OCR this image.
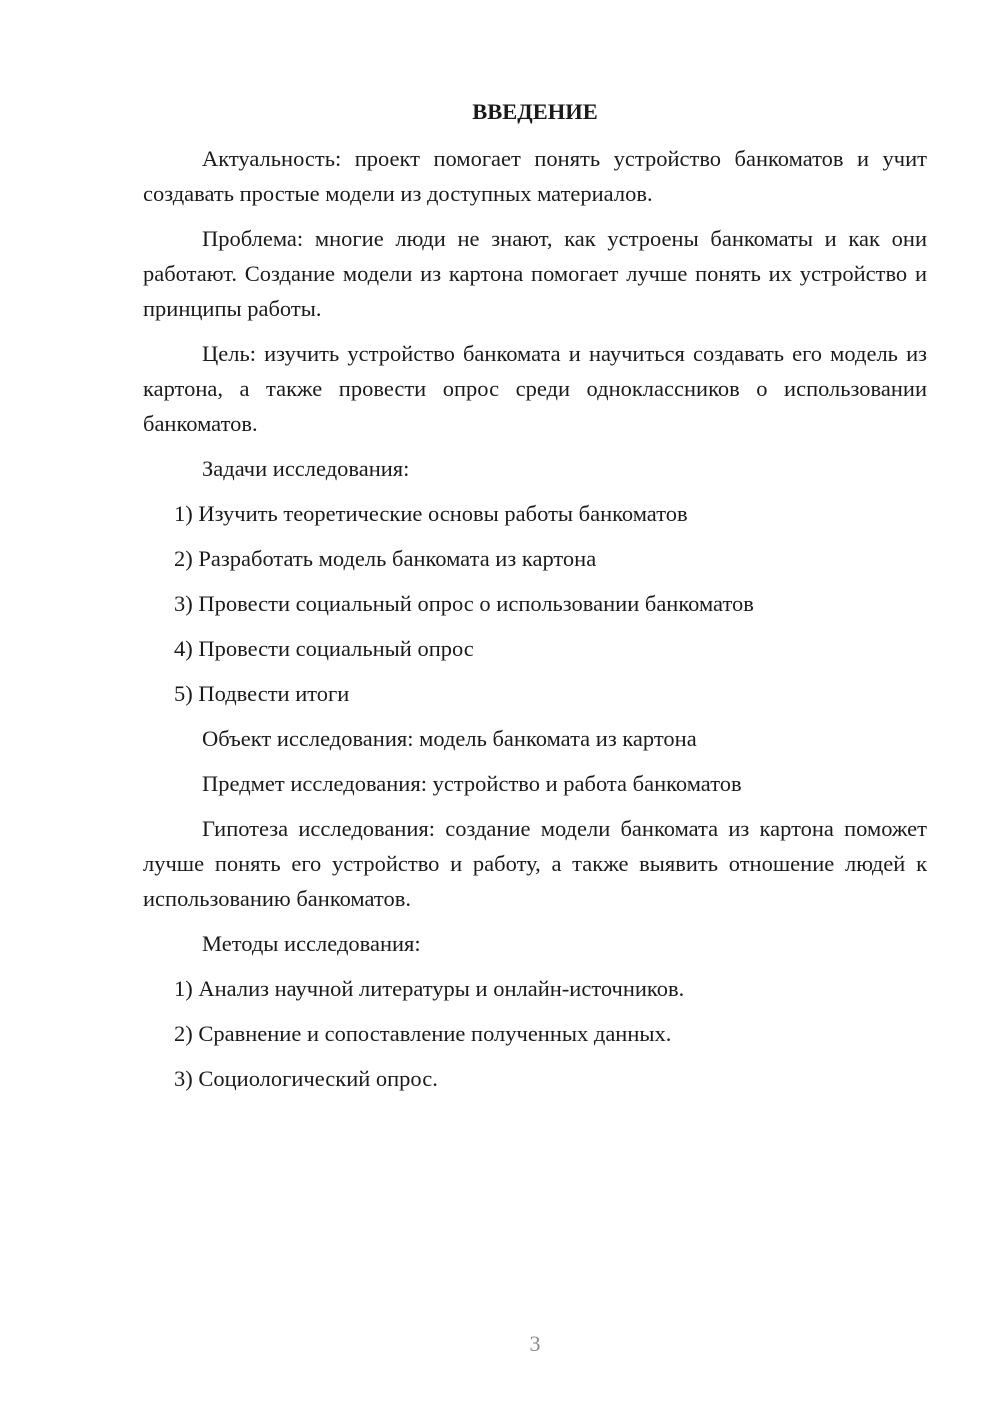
ВВЕДЕНИЕ

Актуальность: проект помогает понять устройство банкоматов и учит создавать простые модели из доступных материалов.

Проблема: многие люди не знают, как устроены банкоматы и как они работают. Создание модели из картона помогает лучше понять их устройство и принципы работы.

Цель: изучить устройство банкомата и научиться создавать его модель из картона, а также провести опрос среди одноклассников о использовании банкоматов.

Задачи исследования:

1) Изучить теоретические основы работы банкоматов
2) Разработать модель банкомата из картона
3) Провести социальный опрос о использовании банкоматов
4) Провести социальный опрос
5) Подвести итоги

Объект исследования: модель банкомата из картона

Предмет исследования: устройство и работа банкоматов

Гипотеза исследования: создание модели банкомата из картона поможет лучше понять его устройство и работу, а также выявить отношение людей к использованию банкоматов.

Методы исследования:

1) Анализ научной литературы и онлайн-источников.
2) Сравнение и сопоставление полученных данных.
3) Социологический опрос.
3
